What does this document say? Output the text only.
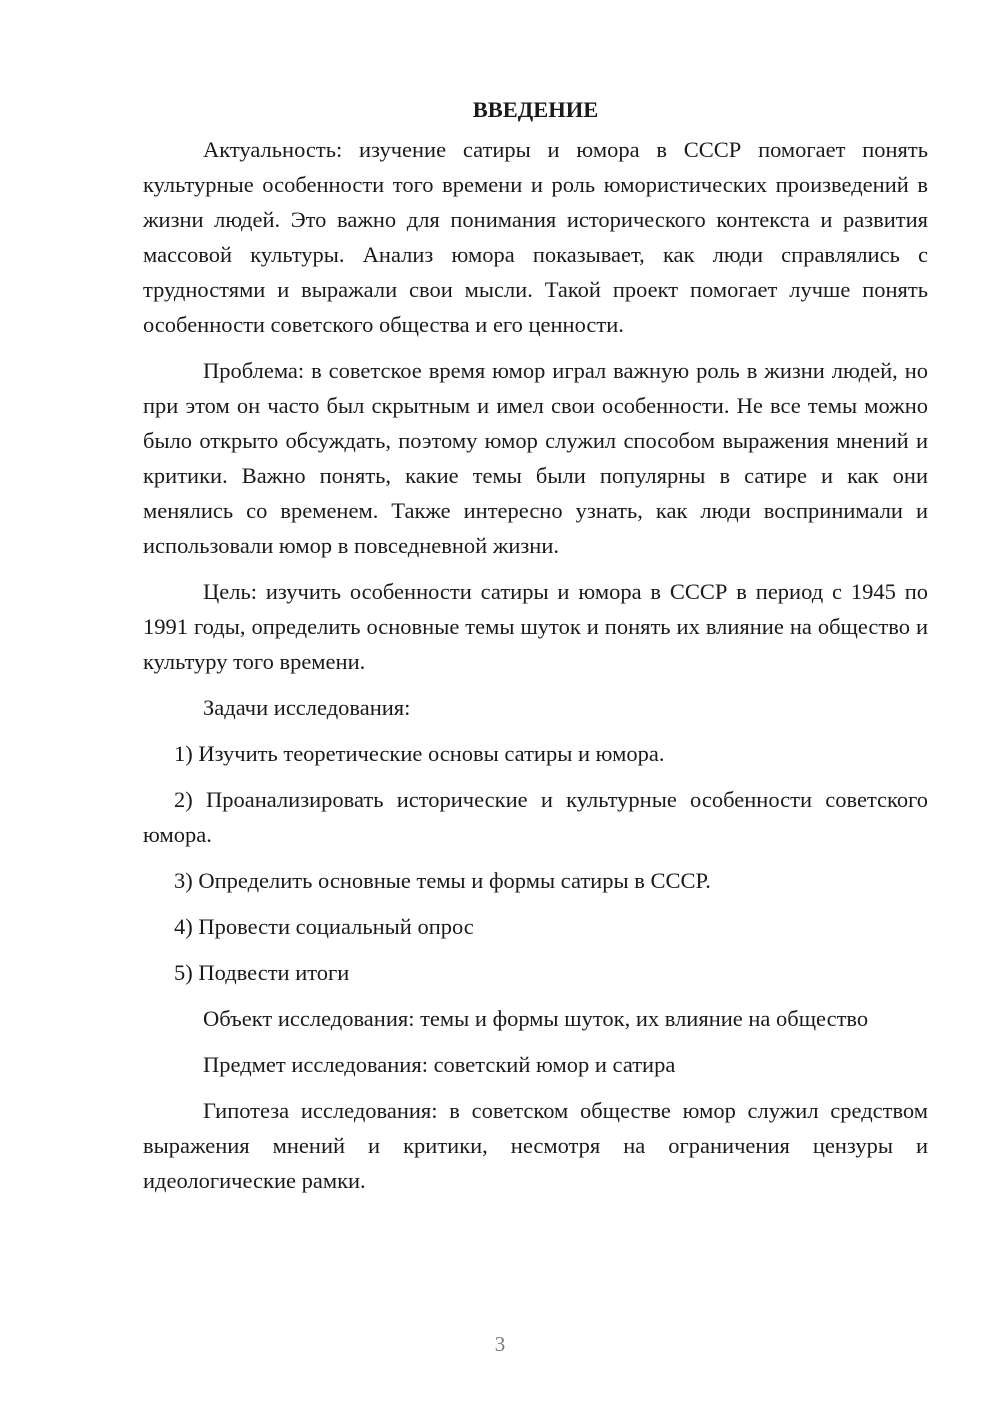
ВВЕДЕНИЕ

Актуальность: изучение сатиры и юмора в СССР помогает понять культурные особенности того времени и роль юмористических произведений в жизни людей. Это важно для понимания исторического контекста и развития массовой культуры. Анализ юмора показывает, как люди справлялись с трудностями и выражали свои мысли. Такой проект помогает лучше понять особенности советского общества и его ценности.

Проблема: в советское время юмор играл важную роль в жизни людей, но при этом он часто был скрытным и имел свои особенности. Не все темы можно было открыто обсуждать, поэтому юмор служил способом выражения мнений и критики. Важно понять, какие темы были популярны в сатире и как они менялись со временем. Также интересно узнать, как люди воспринимали и использовали юмор в повседневной жизни.

Цель: изучить особенности сатиры и юмора в СССР в период с 1945 по 1991 годы, определить основные темы шуток и понять их влияние на общество и культуру того времени.

Задачи исследования:

1) Изучить теоретические основы сатиры и юмора.

2) Проанализировать исторические и культурные особенности советского юмора.

3) Определить основные темы и формы сатиры в СССР.

4) Провести социальный опрос

5) Подвести итоги

Объект исследования: темы и формы шуток, их влияние на общество

Предмет исследования: советский юмор и сатира

Гипотеза исследования: в советском обществе юмор служил средством выражения мнений и критики, несмотря на ограничения цензуры и идеологические рамки.

3
